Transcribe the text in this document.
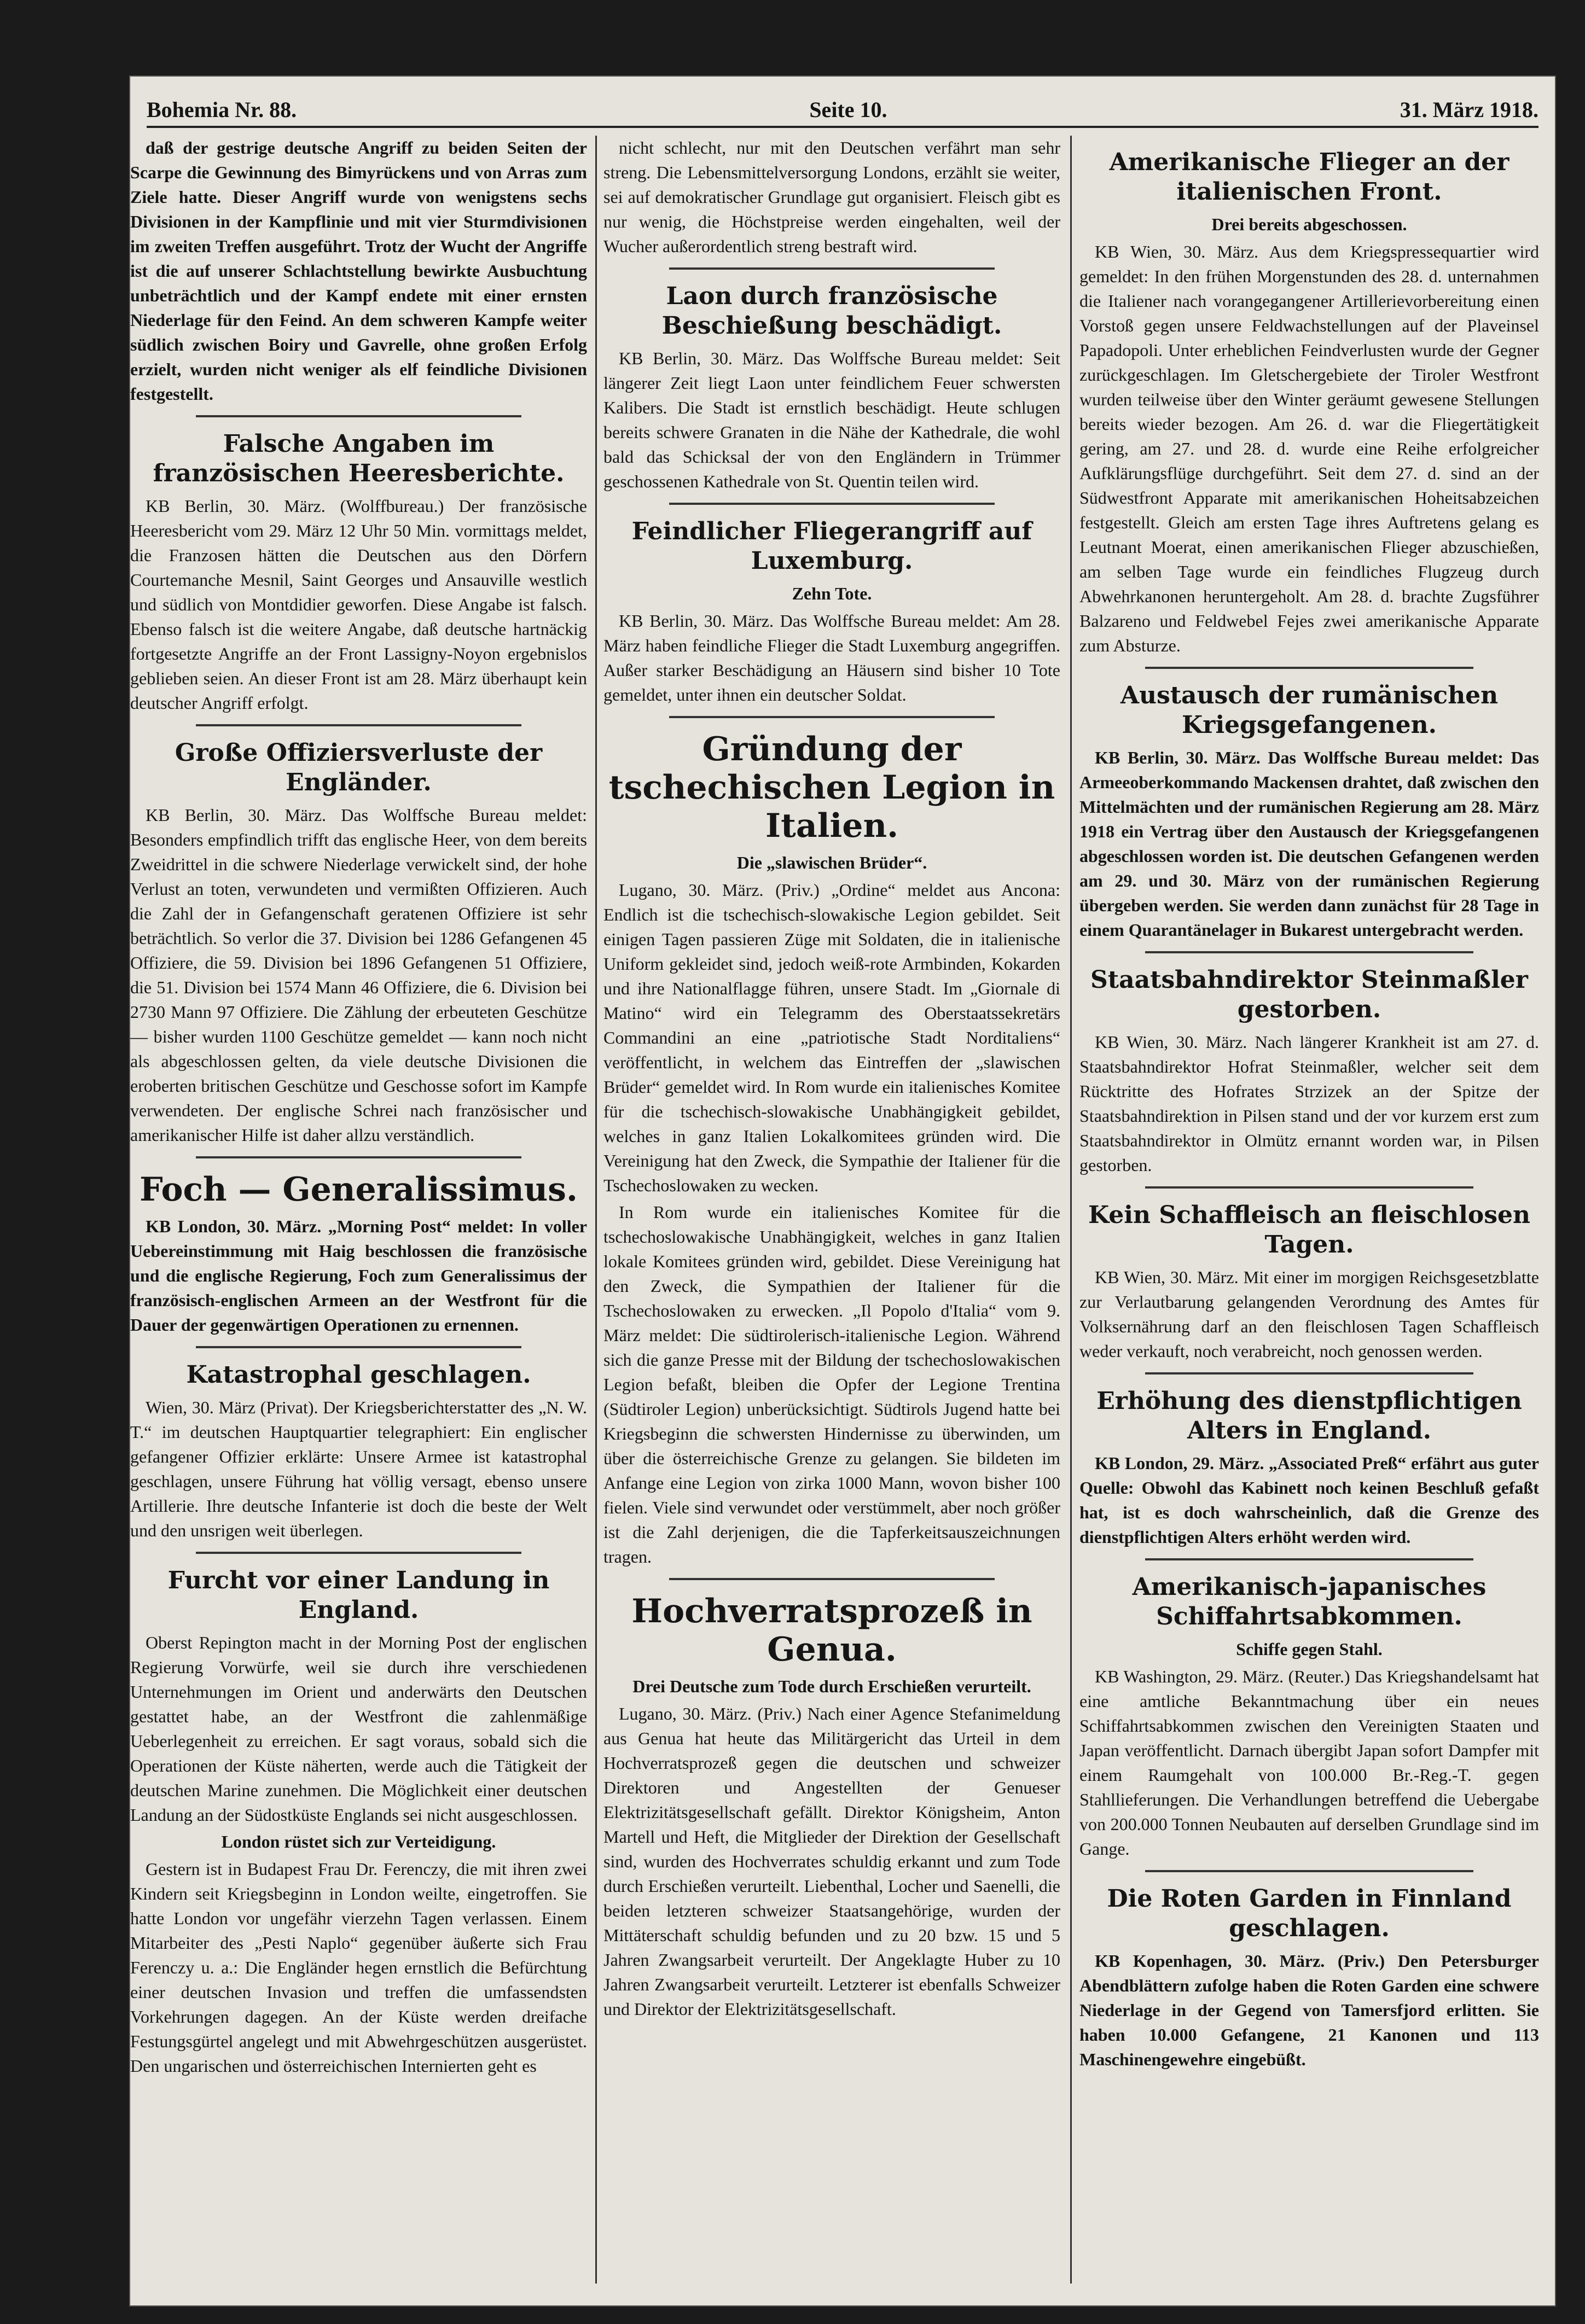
Bohemia Nr. 88.	Seite 10.	31. März 1918.

daß der gestrige deutsche Angriff zu beiden Seiten der Scarpe die Gewinnung des Bimyrückens und von Arras zum Ziele hatte. Dieser Angriff wurde von wenigstens sechs Divisionen in der Kampflinie und mit vier Sturmdivisionen im zweiten Treffen ausgeführt. Trotz der Wucht der Angriffe ist die auf unserer Schlachtstellung bewirkte Ausbuchtung unbeträchtlich und der Kampf endete mit einer ernsten Niederlage für den Feind. An dem schweren Kampfe weiter südlich zwischen Boiry und Gavrelle, ohne großen Erfolg erzielt, wurden nicht weniger als elf feindliche Divisionen festgestellt.

Falsche Angaben im französischen Heeresberichte.

KB Berlin, 30. März. (Wolffbureau.) Der französische Heeresbericht vom 29. März 12 Uhr 50 Min. vormittags meldet, die Franzosen hätten die Deutschen aus den Dörfern Courtemanche Mesnil, Saint Georges und Ansauville westlich und südlich von Montdidier geworfen. Diese Angabe ist falsch. Ebenso falsch ist die weitere Angabe, daß deutsche hartnäckig fortgesetzte Angriffe an der Front Lassigny-Noyon ergebnislos geblieben seien. An dieser Front ist am 28. März überhaupt kein deutscher Angriff erfolgt.

Große Offiziersverluste der Engländer.

KB Berlin, 30. März. Das Wolffsche Bureau meldet: Besonders empfindlich trifft das englische Heer, von dem bereits Zweidrittel in die schwere Niederlage verwickelt sind, der hohe Verlust an toten, verwundeten und vermißten Offizieren. Auch die Zahl der in Gefangenschaft geratenen Offiziere ist sehr beträchtlich. So verlor die 37. Division bei 1286 Gefangenen 45 Offiziere, die 59. Division bei 1896 Gefangenen 51 Offiziere, die 51. Division bei 1574 Mann 46 Offiziere, die 6. Division bei 2730 Mann 97 Offiziere. Die Zählung der erbeuteten Geschütze — bisher wurden 1100 Geschütze gemeldet — kann noch nicht als abgeschlossen gelten, da viele deutsche Divisionen die eroberten britischen Geschütze und Geschosse sofort im Kampfe verwendeten. Der englische Schrei nach französischer und amerikanischer Hilfe ist daher allzu verständlich.

Foch — Generalissimus.

KB London, 30. März. „Morning Post“ meldet: In voller Uebereinstimmung mit Haig beschlossen die französische und die englische Regierung, Foch zum Generalissimus der französisch-englischen Armeen an der Westfront für die Dauer der gegenwärtigen Operationen zu ernennen.

Katastrophal geschlagen.

Wien, 30. März (Privat). Der Kriegsberichterstatter des „N. W. T.“ im deutschen Hauptquartier telegraphiert: Ein englischer gefangener Offizier erklärte: Unsere Armee ist katastrophal geschlagen, unsere Führung hat völlig versagt, ebenso unsere Artillerie. Ihre deutsche Infanterie ist doch die beste der Welt und den unsrigen weit überlegen.

Furcht vor einer Landung in England.

Oberst Repington macht in der Morning Post der englischen Regierung Vorwürfe, weil sie durch ihre verschiedenen Unternehmungen im Orient und anderwärts den Deutschen gestattet habe, an der Westfront die zahlenmäßige Ueberlegenheit zu erreichen. Er sagt voraus, sobald sich die Operationen der Küste näherten, werde auch die Tätigkeit der deutschen Marine zunehmen. Die Möglichkeit einer deutschen Landung an der Südostküste Englands sei nicht ausgeschlossen.

London rüstet sich zur Verteidigung.

Gestern ist in Budapest Frau Dr. Ferenczy, die mit ihren zwei Kindern seit Kriegsbeginn in London weilte, eingetroffen. Sie hatte London vor ungefähr vierzehn Tagen verlassen. Einem Mitarbeiter des „Pesti Naplo“ gegenüber äußerte sich Frau Ferenczy u. a.: Die Engländer hegen ernstlich die Befürchtung einer deutschen Invasion und treffen die umfassendsten Vorkehrungen dagegen. An der Küste werden dreifache Festungsgürtel angelegt und mit Abwehrgeschützen ausgerüstet. Den ungarischen und österreichischen Internierten geht es

nicht schlecht, nur mit den Deutschen verfährt man sehr streng. Die Lebensmittelversorgung Londons, erzählt sie weiter, sei auf demokratischer Grundlage gut organisiert. Fleisch gibt es nur wenig, die Höchstpreise werden eingehalten, weil der Wucher außerordentlich streng bestraft wird.

Laon durch französische Beschießung beschädigt.

KB Berlin, 30. März. Das Wolffsche Bureau meldet: Seit längerer Zeit liegt Laon unter feindlichem Feuer schwersten Kalibers. Die Stadt ist ernstlich beschädigt. Heute schlugen bereits schwere Granaten in die Nähe der Kathedrale, die wohl bald das Schicksal der von den Engländern in Trümmer geschossenen Kathedrale von St. Quentin teilen wird.

Feindlicher Fliegerangriff auf Luxemburg.
Zehn Tote.

KB Berlin, 30. März. Das Wolffsche Bureau meldet: Am 28. März haben feindliche Flieger die Stadt Luxemburg angegriffen. Außer starker Beschädigung an Häusern sind bisher 10 Tote gemeldet, unter ihnen ein deutscher Soldat.

Gründung der tschechischen Legion in Italien.
Die „slawischen Brüder“.

Lugano, 30. März. (Priv.) „Ordine“ meldet aus Ancona: Endlich ist die tschechisch-slowakische Legion gebildet. Seit einigen Tagen passieren Züge mit Soldaten, die in italienische Uniform gekleidet sind, jedoch weiß-rote Armbinden, Kokarden und ihre Nationalflagge führen, unsere Stadt. Im „Giornale di Matino“ wird ein Telegramm des Oberstaatssekretärs Commandini an eine „patriotische Stadt Norditaliens“ veröffentlicht, in welchem das Eintreffen der „slawischen Brüder“ gemeldet wird. In Rom wurde ein italienisches Komitee für die tschechisch-slowakische Unabhängigkeit gebildet, welches in ganz Italien Lokalkomitees gründen wird. Die Vereinigung hat den Zweck, die Sympathie der Italiener für die Tschechoslowaken zu wecken.

In Rom wurde ein italienisches Komitee für die tschechoslowakische Unabhängigkeit, welches in ganz Italien lokale Komitees gründen wird, gebildet. Diese Vereinigung hat den Zweck, die Sympathien der Italiener für die Tschechoslowaken zu erwecken. „Il Popolo d'Italia“ vom 9. März meldet: Die südtirolerisch-italienische Legion. Während sich die ganze Presse mit der Bildung der tschechoslowakischen Legion befaßt, bleiben die Opfer der Legione Trentina (Südtiroler Legion) unberücksichtigt. Südtirols Jugend hatte bei Kriegsbeginn die schwersten Hindernisse zu überwinden, um über die österreichische Grenze zu gelangen. Sie bildeten im Anfange eine Legion von zirka 1000 Mann, wovon bisher 100 fielen. Viele sind verwundet oder verstümmelt, aber noch größer ist die Zahl derjenigen, die die Tapferkeitsauszeichnungen tragen.

Hochverratsprozeß in Genua.
Drei Deutsche zum Tode durch Erschießen verurteilt.

Lugano, 30. März. (Priv.) Nach einer Agence Stefanimeldung aus Genua hat heute das Militärgericht das Urteil in dem Hochverratsprozeß gegen die deutschen und schweizer Direktoren und Angestellten der Genueser Elektrizitätsgesellschaft gefällt. Direktor Königsheim, Anton Martell und Heft, die Mitglieder der Direktion der Gesellschaft sind, wurden des Hochverrates schuldig erkannt und zum Tode durch Erschießen verurteilt. Liebenthal, Locher und Saenelli, die beiden letzteren schweizer Staatsangehörige, wurden der Mittäterschaft schuldig befunden und zu 20 bzw. 15 und 5 Jahren Zwangsarbeit verurteilt. Der Angeklagte Huber zu 10 Jahren Zwangsarbeit verurteilt. Letzterer ist ebenfalls Schweizer und Direktor der Elektrizitätsgesellschaft.

Amerikanische Flieger an der italienischen Front.
Drei bereits abgeschossen.

KB Wien, 30. März. Aus dem Kriegspressequartier wird gemeldet: In den frühen Morgenstunden des 28. d. unternahmen die Italiener nach vorangegangener Artillerievorbereitung einen Vorstoß gegen unsere Feldwachstellungen auf der Plaveinsel Papadopoli. Unter erheblichen Feindverlusten wurde der Gegner zurückgeschlagen. Im Gletschergebiete der Tiroler Westfront wurden teilweise über den Winter geräumt gewesene Stellungen bereits wieder bezogen. Am 26. d. war die Fliegertätigkeit gering, am 27. und 28. d. wurde eine Reihe erfolgreicher Aufklärungsflüge durchgeführt. Seit dem 27. d. sind an der Südwestfront Apparate mit amerikanischen Hoheitsabzeichen festgestellt. Gleich am ersten Tage ihres Auftretens gelang es Leutnant Moerat, einen amerikanischen Flieger abzuschießen, am selben Tage wurde ein feindliches Flugzeug durch Abwehrkanonen heruntergeholt. Am 28. d. brachte Zugsführer Balzareno und Feldwebel Fejes zwei amerikanische Apparate zum Absturze.

Austausch der rumänischen Kriegsgefangenen.

KB Berlin, 30. März. Das Wolffsche Bureau meldet: Das Armeeoberkommando Mackensen drahtet, daß zwischen den Mittelmächten und der rumänischen Regierung am 28. März 1918 ein Vertrag über den Austausch der Kriegsgefangenen abgeschlossen worden ist. Die deutschen Gefangenen werden am 29. und 30. März von der rumänischen Regierung übergeben werden. Sie werden dann zunächst für 28 Tage in einem Quarantänelager in Bukarest untergebracht werden.

Staatsbahndirektor Steinmaßler gestorben.

KB Wien, 30. März. Nach längerer Krankheit ist am 27. d. Staatsbahndirektor Hofrat Steinmaßler, welcher seit dem Rücktritte des Hofrates Strzizek an der Spitze der Staatsbahndirektion in Pilsen stand und der vor kurzem erst zum Staatsbahndirektor in Olmütz ernannt worden war, in Pilsen gestorben.

Kein Schaffleisch an fleischlosen Tagen.

KB Wien, 30. März. Mit einer im morgigen Reichsgesetzblatte zur Verlautbarung gelangenden Verordnung des Amtes für Volksernährung darf an den fleischlosen Tagen Schaffleisch weder verkauft, noch verabreicht, noch genossen werden.

Erhöhung des dienstpflichtigen Alters in England.

KB London, 29. März. „Associated Preß“ erfährt aus guter Quelle: Obwohl das Kabinett noch keinen Beschluß gefaßt hat, ist es doch wahrscheinlich, daß die Grenze des dienstpflichtigen Alters erhöht werden wird.

Amerikanisch-japanisches Schiffahrtsabkommen.
Schiffe gegen Stahl.

KB Washington, 29. März. (Reuter.) Das Kriegshandelsamt hat eine amtliche Bekanntmachung über ein neues Schiffahrtsabkommen zwischen den Vereinigten Staaten und Japan veröffentlicht. Darnach übergibt Japan sofort Dampfer mit einem Raumgehalt von 100.000 Br.-Reg.-T. gegen Stahllieferungen. Die Verhandlungen betreffend die Uebergabe von 200.000 Tonnen Neubauten auf derselben Grundlage sind im Gange.

Die Roten Garden in Finnland geschlagen.

KB Kopenhagen, 30. März. (Priv.) Den Petersburger Abendblättern zufolge haben die Roten Garden eine schwere Niederlage in der Gegend von Tamersfjord erlitten. Sie haben 10.000 Gefangene, 21 Kanonen und 113 Maschinengewehre eingebüßt.
